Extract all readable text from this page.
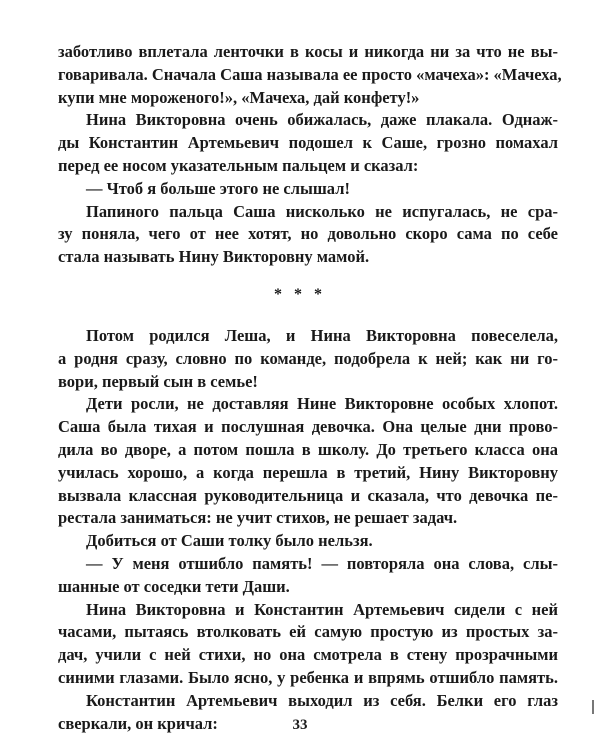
заботливо вплетала ленточки в косы и никогда ни за что не вы-
говаривала. Сначала Саша называла ее просто «мачеха»: «Мачеха,
купи мне мороженого!», «Мачеха, дай конфету!»
Нина Викторовна очень обижалась, даже плакала. Однаж-
ды Константин Артемьевич подошел к Саше, грозно помахал
перед ее носом указательным пальцем и сказал:
— Чтоб я больше этого не слышал!
Папиного пальца Саша нисколько не испугалась, не сра-
зу поняла, чего от нее хотят, но довольно скоро сама по себе
стала называть Нину Викторовну мамой.
* * *
Потом родился Леша, и Нина Викторовна повеселела,
а родня сразу, словно по команде, подобрела к ней; как ни го-
вори, первый сын в семье!
Дети росли, не доставляя Нине Викторовне особых хлопот.
Саша была тихая и послушная девочка. Она целые дни прово-
дила во дворе, а потом пошла в школу. До третьего класса она
училась хорошо, а когда перешла в третий, Нину Викторовну
вызвала классная руководительница и сказала, что девочка пе-
рестала заниматься: не учит стихов, не решает задач.
Добиться от Саши толку было нельзя.
— У меня отшибло память! — повторяла она слова, слы-
шанные от соседки тети Даши.
Нина Викторовна и Константин Артемьевич сидели с ней
часами, пытаясь втолковать ей самую простую из простых за-
дач, учили с ней стихи, но она смотрела в стену прозрачными
синими глазами. Было ясно, у ребенка и впрямь отшибло память.
Константин Артемьевич выходил из себя. Белки его глаз
сверкали, он кричал:	33
